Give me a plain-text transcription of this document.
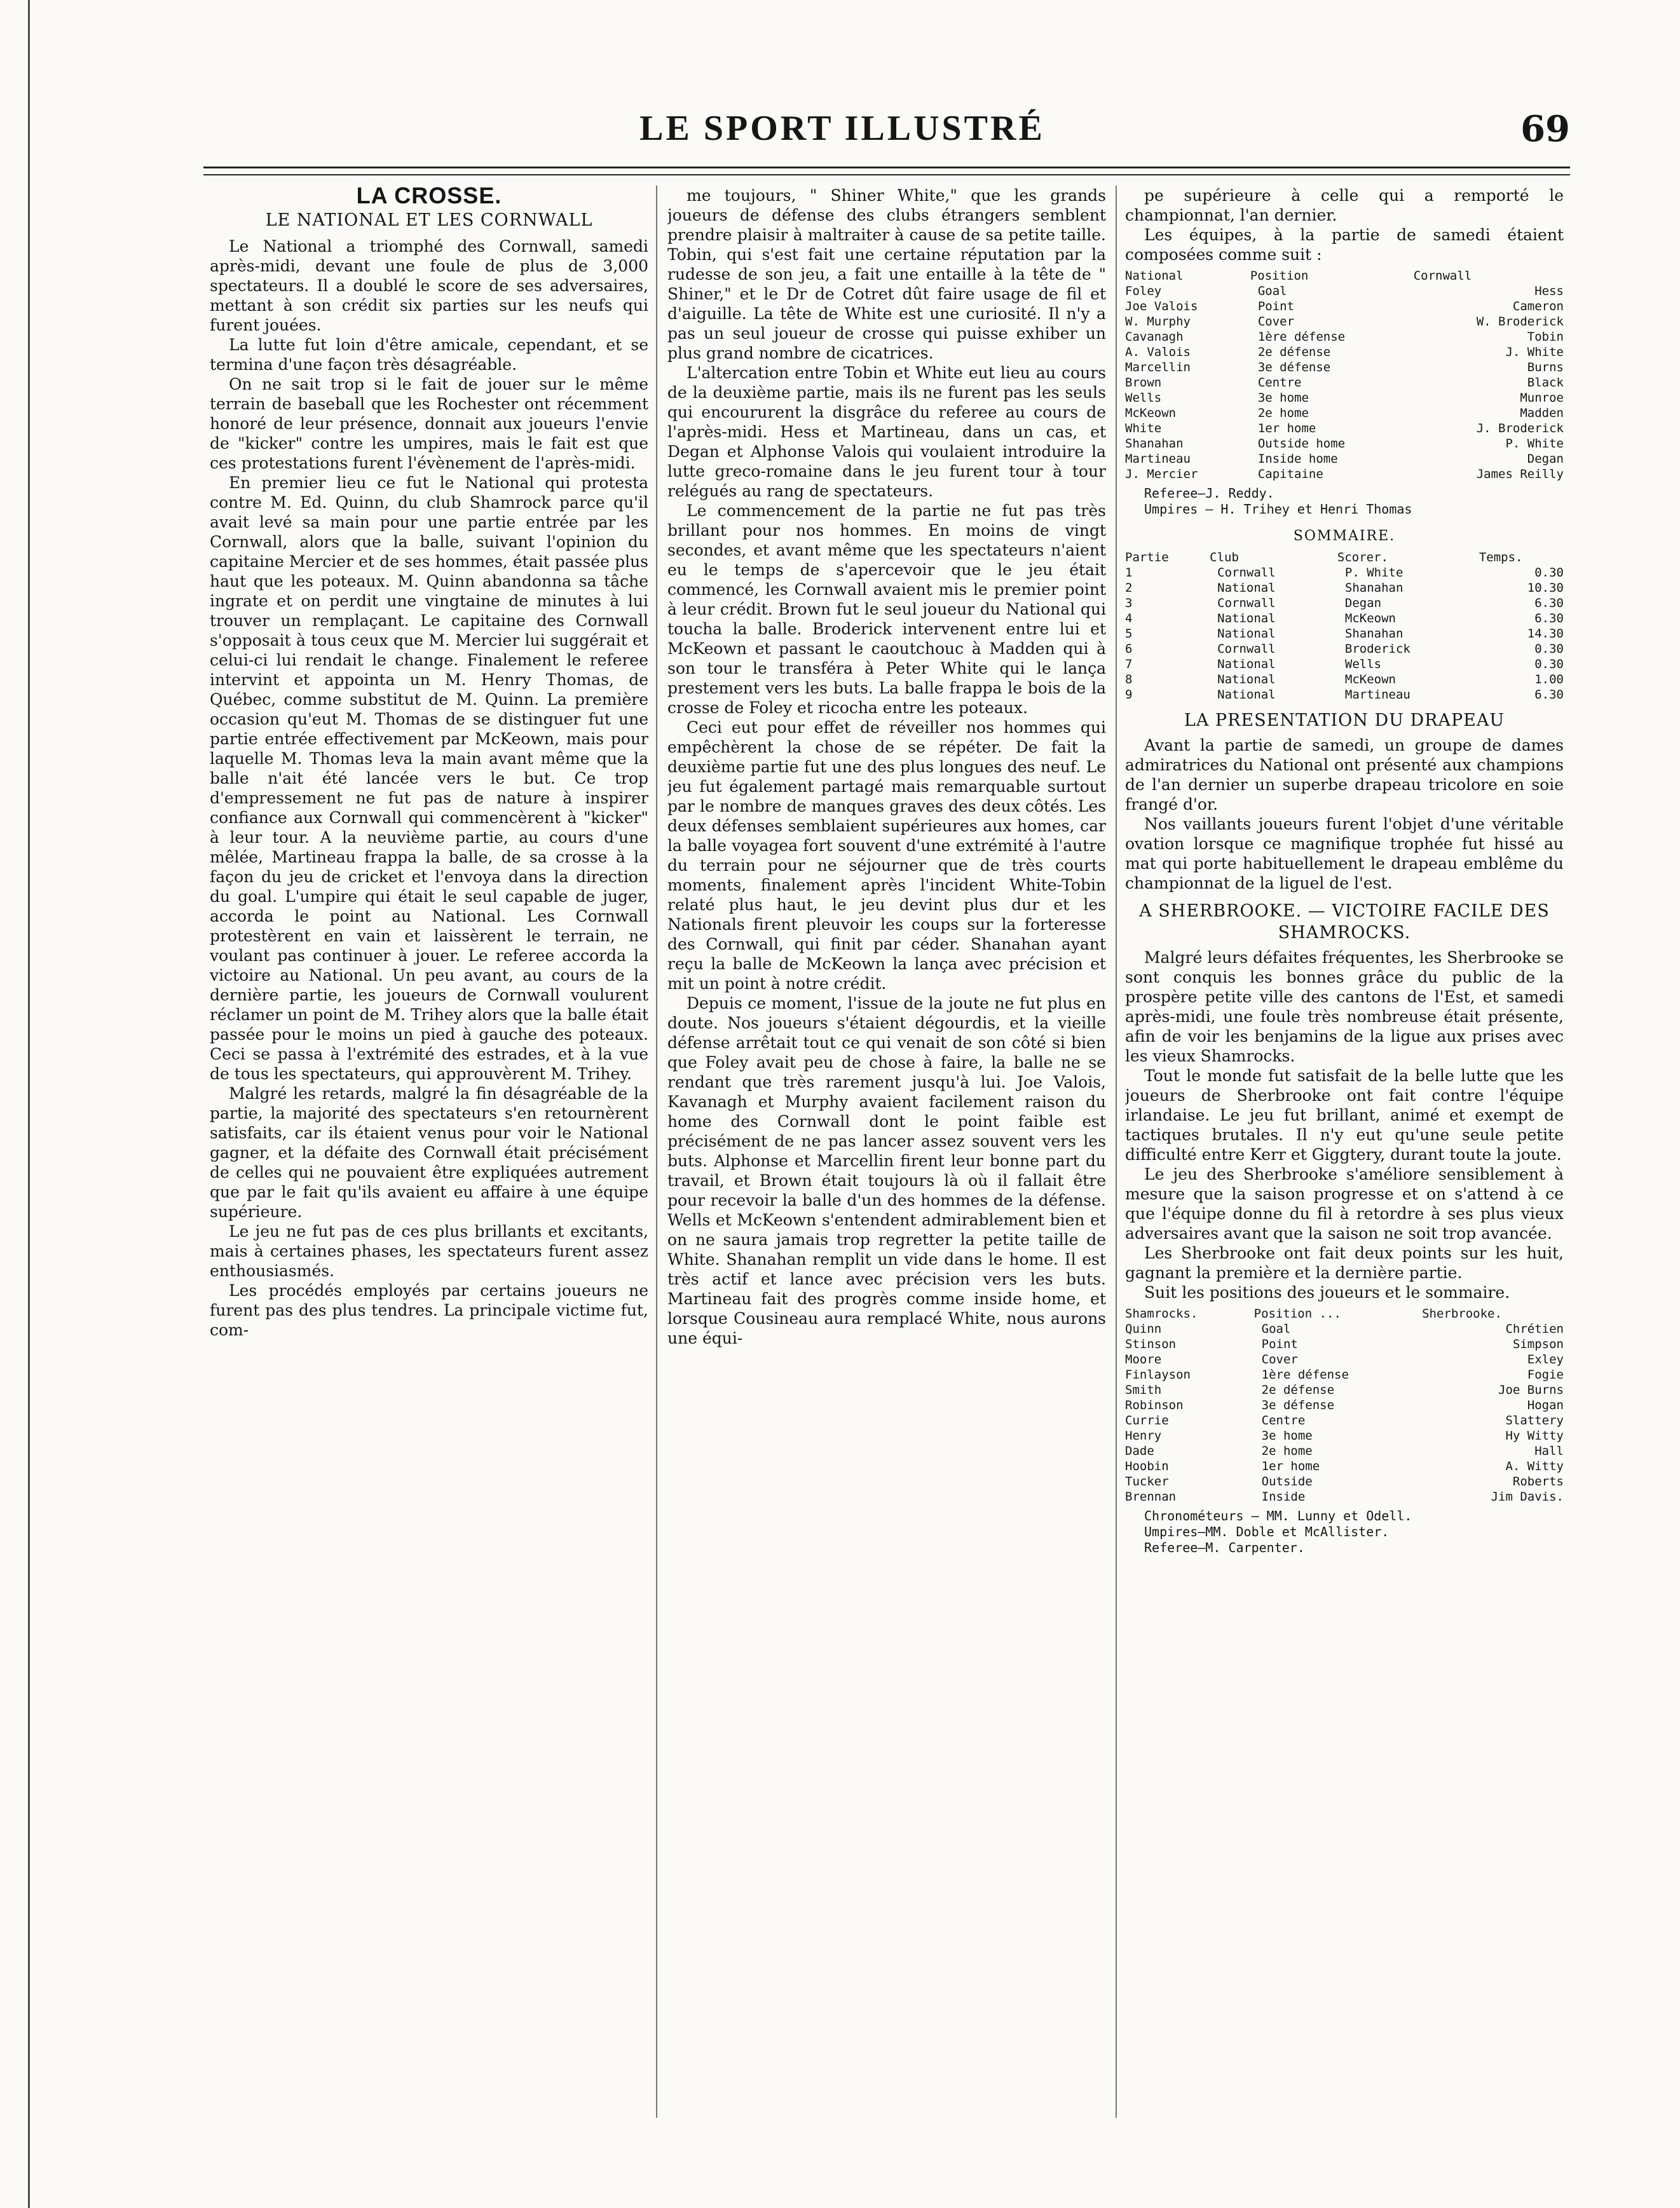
LE SPORT ILLUSTRÉ	69
LA CROSSE.
LE NATIONAL ET LES CORNWALL

Le National a triomphé des Cornwall, samedi après-midi, devant une foule de plus de 3,000 spectateurs. Il a doublé le score de ses adversaires, mettant à son crédit six parties sur les neufs qui furent jouées.

La lutte fut loin d'être amicale, cependant, et se termina d'une façon très désagréable.

On ne sait trop si le fait de jouer sur le même terrain de baseball que les Rochester ont récemment honoré de leur présence, donnait aux joueurs l'envie de "kicker" contre les umpires, mais le fait est que ces protestations furent l'évènement de l'après-midi.

En premier lieu ce fut le National qui protesta contre M. Ed. Quinn, du club Shamrock parce qu'il avait levé sa main pour une partie entrée par les Cornwall, alors que la balle, suivant l'opinion du capitaine Mercier et de ses hommes, était passée plus haut que les poteaux. M. Quinn abandonna sa tâche ingrate et on perdit une vingtaine de minutes à lui trouver un remplaçant. Le capitaine des Cornwall s'opposait à tous ceux que M. Mercier lui suggérait et celui-ci lui rendait le change. Finalement le referee intervint et appointa un M. Henry Thomas, de Québec, comme substitut de M. Quinn. La première occasion qu'eut M. Thomas de se distinguer fut une partie entrée effectivement par McKeown, mais pour laquelle M. Thomas leva la main avant même que la balle n'ait été lancée vers le but. Ce trop d'empressement ne fut pas de nature à inspirer confiance aux Cornwall qui commencèrent à "kicker" à leur tour. A la neuvième partie, au cours d'une mêlée, Martineau frappa la balle, de sa crosse à la façon du jeu de cricket et l'envoya dans la direction du goal. L'umpire qui était le seul capable de juger, accorda le point au National. Les Cornwall protestèrent en vain et laissèrent le terrain, ne voulant pas continuer à jouer. Le referee accorda la victoire au National. Un peu avant, au cours de la dernière partie, les joueurs de Cornwall voulurent réclamer un point de M. Trihey alors que la balle était passée pour le moins un pied à gauche des poteaux. Ceci se passa à l'extrémité des estrades, et à la vue de tous les spectateurs, qui approuvèrent M. Trihey.

Malgré les retards, malgré la fin désagréable de la partie, la majorité des spectateurs s'en retournèrent satisfaits, car ils étaient venus pour voir le National gagner, et la défaite des Cornwall était précisément de celles qui ne pouvaient être expliquées autrement que par le fait qu'ils avaient eu affaire à une équipe supérieure.

Le jeu ne fut pas de ces plus brillants et excitants, mais à certaines phases, les spectateurs furent assez enthousiasmés.

Les procédés employés par certains joueurs ne furent pas des plus tendres. La principale victime fut, com-

me toujours, " Shiner White," que les grands joueurs de défense des clubs étrangers semblent prendre plaisir à maltraiter à cause de sa petite taille. Tobin, qui s'est fait une certaine réputation par la rudesse de son jeu, a fait une entaille à la tête de " Shiner," et le Dr de Cotret dût faire usage de fil et d'aiguille. La tête de White est une curiosité. Il n'y a pas un seul joueur de crosse qui puisse exhiber un plus grand nombre de cicatrices.

L'altercation entre Tobin et White eut lieu au cours de la deuxième partie, mais ils ne furent pas les seuls qui encoururent la disgrâce du referee au cours de l'après-midi. Hess et Martineau, dans un cas, et Degan et Alphonse Valois qui voulaient introduire la lutte greco-romaine dans le jeu furent tour à tour relégués au rang de spectateurs.

Le commencement de la partie ne fut pas très brillant pour nos hommes. En moins de vingt secondes, et avant même que les spectateurs n'aient eu le temps de s'apercevoir que le jeu était commencé, les Cornwall avaient mis le premier point à leur crédit. Brown fut le seul joueur du National qui toucha la balle. Broderick intervenent entre lui et McKeown et passant le caoutchouc à Madden qui à son tour le transféra à Peter White qui le lança prestement vers les buts. La balle frappa le bois de la crosse de Foley et ricocha entre les poteaux.

Ceci eut pour effet de réveiller nos hommes qui empêchèrent la chose de se répéter. De fait la deuxième partie fut une des plus longues des neuf. Le jeu fut également partagé mais remarquable surtout par le nombre de manques graves des deux côtés. Les deux défenses semblaient supérieures aux homes, car la balle voyagea fort souvent d'une extrémité à l'autre du terrain pour ne séjourner que de très courts moments, finalement après l'incident White-Tobin relaté plus haut, le jeu devint plus dur et les Nationals firent pleuvoir les coups sur la forteresse des Cornwall, qui finit par céder. Shanahan ayant reçu la balle de McKeown la lança avec précision et mit un point à notre crédit.

Depuis ce moment, l'issue de la joute ne fut plus en doute. Nos joueurs s'étaient dégourdis, et la vieille défense arrêtait tout ce qui venait de son côté si bien que Foley avait peu de chose à faire, la balle ne se rendant que très rarement jusqu'à lui. Joe Valois, Kavanagh et Murphy avaient facilement raison du home des Cornwall dont le point faible est précisément de ne pas lancer assez souvent vers les buts. Alphonse et Marcellin firent leur bonne part du travail, et Brown était toujours là où il fallait être pour recevoir la balle d'un des hommes de la défense. Wells et McKeown s'entendent admirablement bien et on ne saura jamais trop regretter la petite taille de White. Shanahan remplit un vide dans le home. Il est très actif et lance avec précision vers les buts. Martineau fait des progrès comme inside home, et lorsque Cousineau aura remplacé White, nous aurons une équi-

pe supérieure à celle qui a remporté le championnat, l'an dernier.

Les équipes, à la partie de samedi étaient composées comme suit :

National	Position	Cornwall
Foley	Goal	Hess
Joe Valois	Point	Cameron
W. Murphy	Cover	W. Broderick
Cavanagh	1ère défense	Tobin
A. Valois	2e défense	J. White
Marcellin	3e défense	Burns
Brown	Centre	Black
Wells	3e home	Munroe
McKeown	2e home	Madden
White	1er home	J. Broderick
Shanahan	Outside home	P. White
Martineau	Inside home	Degan
J. Mercier	Capitaine	James Reilly
Referee—J. Reddy.
Umpires — H. Trihey et Henri Thomas
SOMMAIRE.
Partie	Club	Scorer.	Temps.
1	Cornwall	P. White	0.30
2	National	Shanahan	10.30
3	Cornwall	Degan	6.30
4	National	McKeown	6.30
5	National	Shanahan	14.30
6	Cornwall	Broderick	0.30
7	National	Wells	0.30
8	National	McKeown	1.00
9	National	Martineau	6.30
LA PRESENTATION DU DRAPEAU

Avant la partie de samedi, un groupe de dames admiratrices du National ont présenté aux champions de l'an dernier un superbe drapeau tricolore en soie frangé d'or.

Nos vaillants joueurs furent l'objet d'une véritable ovation lorsque ce magnifique trophée fut hissé au mat qui porte habituellement le drapeau emblême du championnat de la liguel de l'est.

A SHERBROOKE. — VICTOIRE FACILE DES SHAMROCKS.

Malgré leurs défaites fréquentes, les Sherbrooke se sont conquis les bonnes grâce du public de la prospère petite ville des cantons de l'Est, et samedi après-midi, une foule très nombreuse était présente, afin de voir les benjamins de la ligue aux prises avec les vieux Shamrocks.

Tout le monde fut satisfait de la belle lutte que les joueurs de Sherbrooke ont fait contre l'équipe irlandaise. Le jeu fut brillant, animé et exempt de tactiques brutales. Il n'y eut qu'une seule petite difficulté entre Kerr et Giggtery, durant toute la joute.

Le jeu des Sherbrooke s'améliore sensiblement à mesure que la saison progresse et on s'attend à ce que l'équipe donne du fil à retordre à ses plus vieux adversaires avant que la saison ne soit trop avancée.

Les Sherbrooke ont fait deux points sur les huit, gagnant la première et la dernière partie.

Suit les positions des joueurs et le sommaire.

Shamrocks.	Position ...	Sherbrooke.
Quinn	Goal	Chrétien
Stinson	Point	Simpson
Moore	Cover	Exley
Finlayson	1ère défense	Fogie
Smith	2e défense	Joe Burns
Robinson	3e défense	Hogan
Currie	Centre	Slattery
Henry	3e home	Hy Witty
Dade	2e home	Hall
Hoobin	1er home	A. Witty
Tucker	Outside	Roberts
Brennan	Inside	Jim Davis.
Chronométeurs — MM. Lunny et Odell.
Umpires—MM. Doble et McAllister.
Referee—M. Carpenter.
